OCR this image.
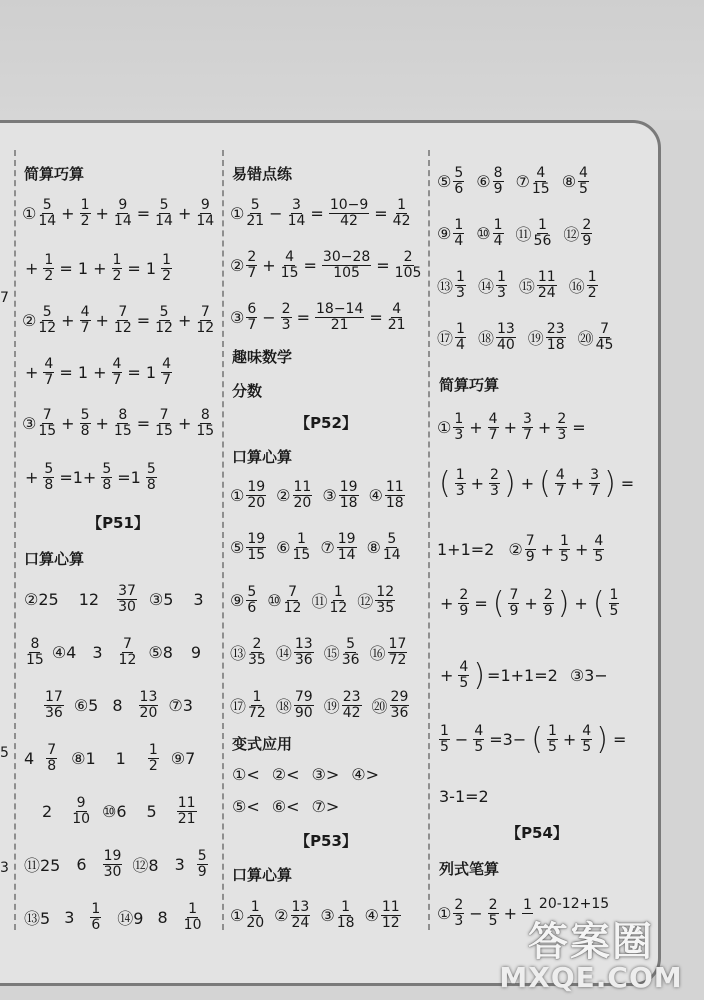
7
5
3
简算巧算
① $\frac{5}{14} + \frac{1}{2} + \frac{9}{14} = \frac{5}{14} + \frac{9}{14}$
+ $\frac{1}{2} = 1 + \frac{1}{2} = 1 \frac{1}{2}$
② $\frac{5}{12} + \frac{4}{7} + \frac{7}{12} = \frac{5}{12} + \frac{7}{12}$
+ $\frac{4}{7} = 1 + \frac{4}{7} = 1 \frac{4}{7}$
③ $\frac{7}{15} + \frac{5}{8} + \frac{8}{15} = \frac{7}{15} + \frac{8}{15}$
+ $\frac{5}{8} =1+ \frac{5}{8} =1 \frac{5}{8}$
【P51】
口算心算
②25 $12 \frac{37}{30}$ ③5 3
$\frac{8}{15}$ ④4 $3 \frac{7}{12}$ ⑤8 9
$\frac{17}{36}$ ⑥5 $8 \frac{13}{20}$ ⑦3
$4 \frac{7}{8}$ ⑧1 $1 \frac{1}{2}$ ⑨7
$2 \frac{9}{10}$ ⑩6 $5 \frac{11}{21}$
⑪25 $6 \frac{19}{30}$ ⑫8 $3 \frac{5}{9}$
⑬5 $3 \frac{1}{6}$ ⑭9 $8 \frac{1}{10}$
易错点练
① $\frac{5}{21} - \frac{3}{14} = \frac{10-9}{42} = \frac{1}{42}$
② $\frac{2}{7} + \frac{4}{15} = \frac{30-28}{105} = \frac{2}{105}$
③ $\frac{6}{7} - \frac{2}{3} = \frac{18-14}{21} = \frac{4}{21}$
趣味数学
分数
【P52】
口算心算
① $\frac{19}{20}$ ② $\frac{11}{20}$ ③ $\frac{19}{18}$ ④ $\frac{11}{18}$
⑤ $\frac{19}{15}$ ⑥ $\frac{1}{15}$ ⑦ $\frac{19}{14}$ ⑧ $\frac{5}{14}$
⑨ $\frac{5}{6}$ ⑩ $\frac{7}{12}$ ⑪ $\frac{1}{12}$ ⑫ $\frac{12}{35}$
⑬ $\frac{2}{35}$ ⑭ $\frac{13}{36}$ ⑮ $\frac{5}{36}$ ⑯ $\frac{17}{72}$
⑰ $\frac{1}{72}$ ⑱ $\frac{79}{90}$ ⑲ $\frac{23}{42}$ ⑳ $\frac{29}{36}$
变式应用
①< ②< ③> ④>
⑤< ⑥< ⑦>
【P53】
口算心算
① $\frac{1}{20}$ ② $\frac{13}{24}$ ③ $\frac{1}{18}$ ④ $\frac{11}{12}$
⑤ $\frac{5}{6}$ ⑥ $\frac{8}{9}$ ⑦ $\frac{4}{15}$ ⑧ $\frac{4}{5}$
⑨ $\frac{1}{4}$ ⑩ $\frac{1}{4}$ ⑪ $\frac{1}{56}$ ⑫ $\frac{2}{9}$
⑬ $\frac{1}{3}$ ⑭ $\frac{1}{3}$ ⑮ $\frac{11}{24}$ ⑯ $\frac{1}{2}$
⑰ $\frac{1}{4}$ ⑱ $\frac{13}{40}$ ⑲ $\frac{23}{18}$ ⑳ $\frac{7}{45}$
简算巧算
① $\frac{1}{3} + \frac{4}{7} + \frac{3}{7} + \frac{2}{3}$ =
( $\frac{1}{3} + \frac{2}{3}$ ) + ( $\frac{4}{7} + \frac{3}{7}$ ) =
1+1=2 ② $\frac{7}{9} + \frac{1}{5} + \frac{4}{5}$
+ $\frac{2}{9}$ = ( $\frac{7}{9} + \frac{2}{9}$ ) + ( $\frac{1}{5}$
+ $\frac{4}{5}$ ) =1+1=2 ③3−
$\frac{1}{5} - \frac{4}{5} =3-$ ( $\frac{1}{5} + \frac{4}{5}$ ) =
3-1=2
【P54】
列式笔算
① $\frac{2}{3} - \frac{2}{5} + 1$
20-12+15
答案圈
MXQE.COM
